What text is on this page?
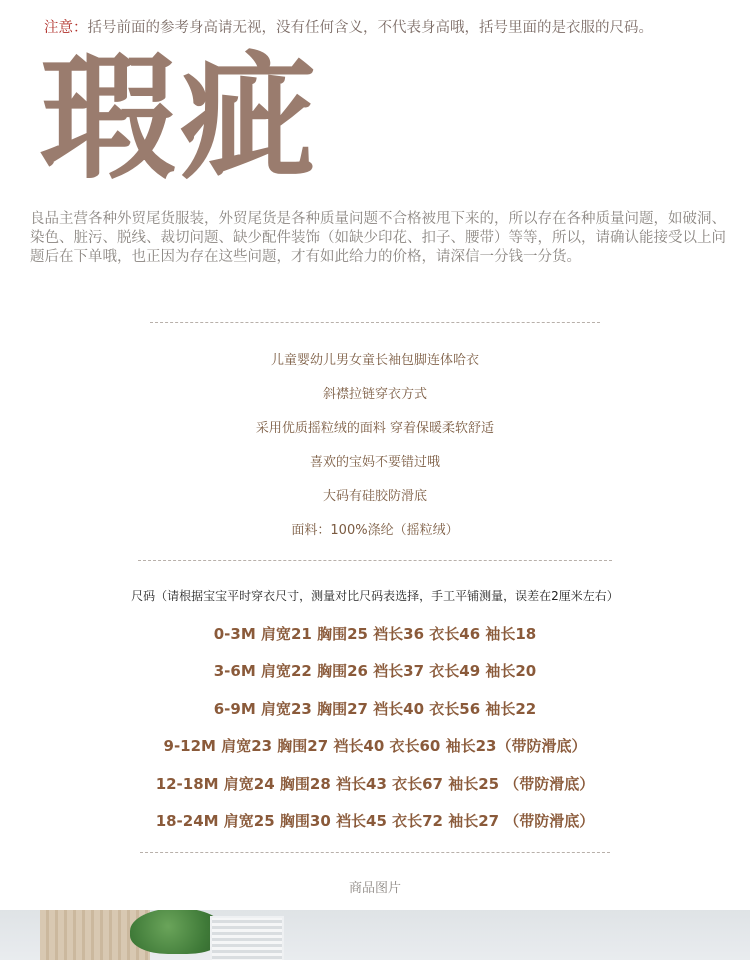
注意：括号前面的参考身高请无视，没有任何含义，不代表身高哦，括号里面的是衣服的尺码。
瑕疵
良品主营各种外贸尾货服装，外贸尾货是各种质量问题不合格被甩下来的，所以存在各种质量问题，如破洞、染色、脏污、脱线、裁切问题、缺少配件装饰（如缺少印花、扣子、腰带）等等，所以，请确认能接受以上问题后在下单哦，也正因为存在这些问题，才有如此给力的价格，请深信一分钱一分货。
儿童婴幼儿男女童长袖包脚连体哈衣
斜襟拉链穿衣方式
采用优质摇粒绒的面料 穿着保暖柔软舒适
喜欢的宝妈不要错过哦
大码有硅胶防滑底
面料：100%涤纶（摇粒绒）
尺码（请根据宝宝平时穿衣尺寸，测量对比尺码表选择，手工平铺测量，误差在2厘米左右）
0-3M 肩宽21 胸围25 裆长36 衣长46 袖长18
3-6M 肩宽22 胸围26 裆长37 衣长49 袖长20
6-9M 肩宽23 胸围27 裆长40 衣长56 袖长22
9-12M 肩宽23 胸围27 裆长40 衣长60 袖长23（带防滑底）
12-18M 肩宽24 胸围28 裆长43 衣长67 袖长25 （带防滑底）
18-24M 肩宽25 胸围30 裆长45 衣长72 袖长27 （带防滑底）
商品图片
